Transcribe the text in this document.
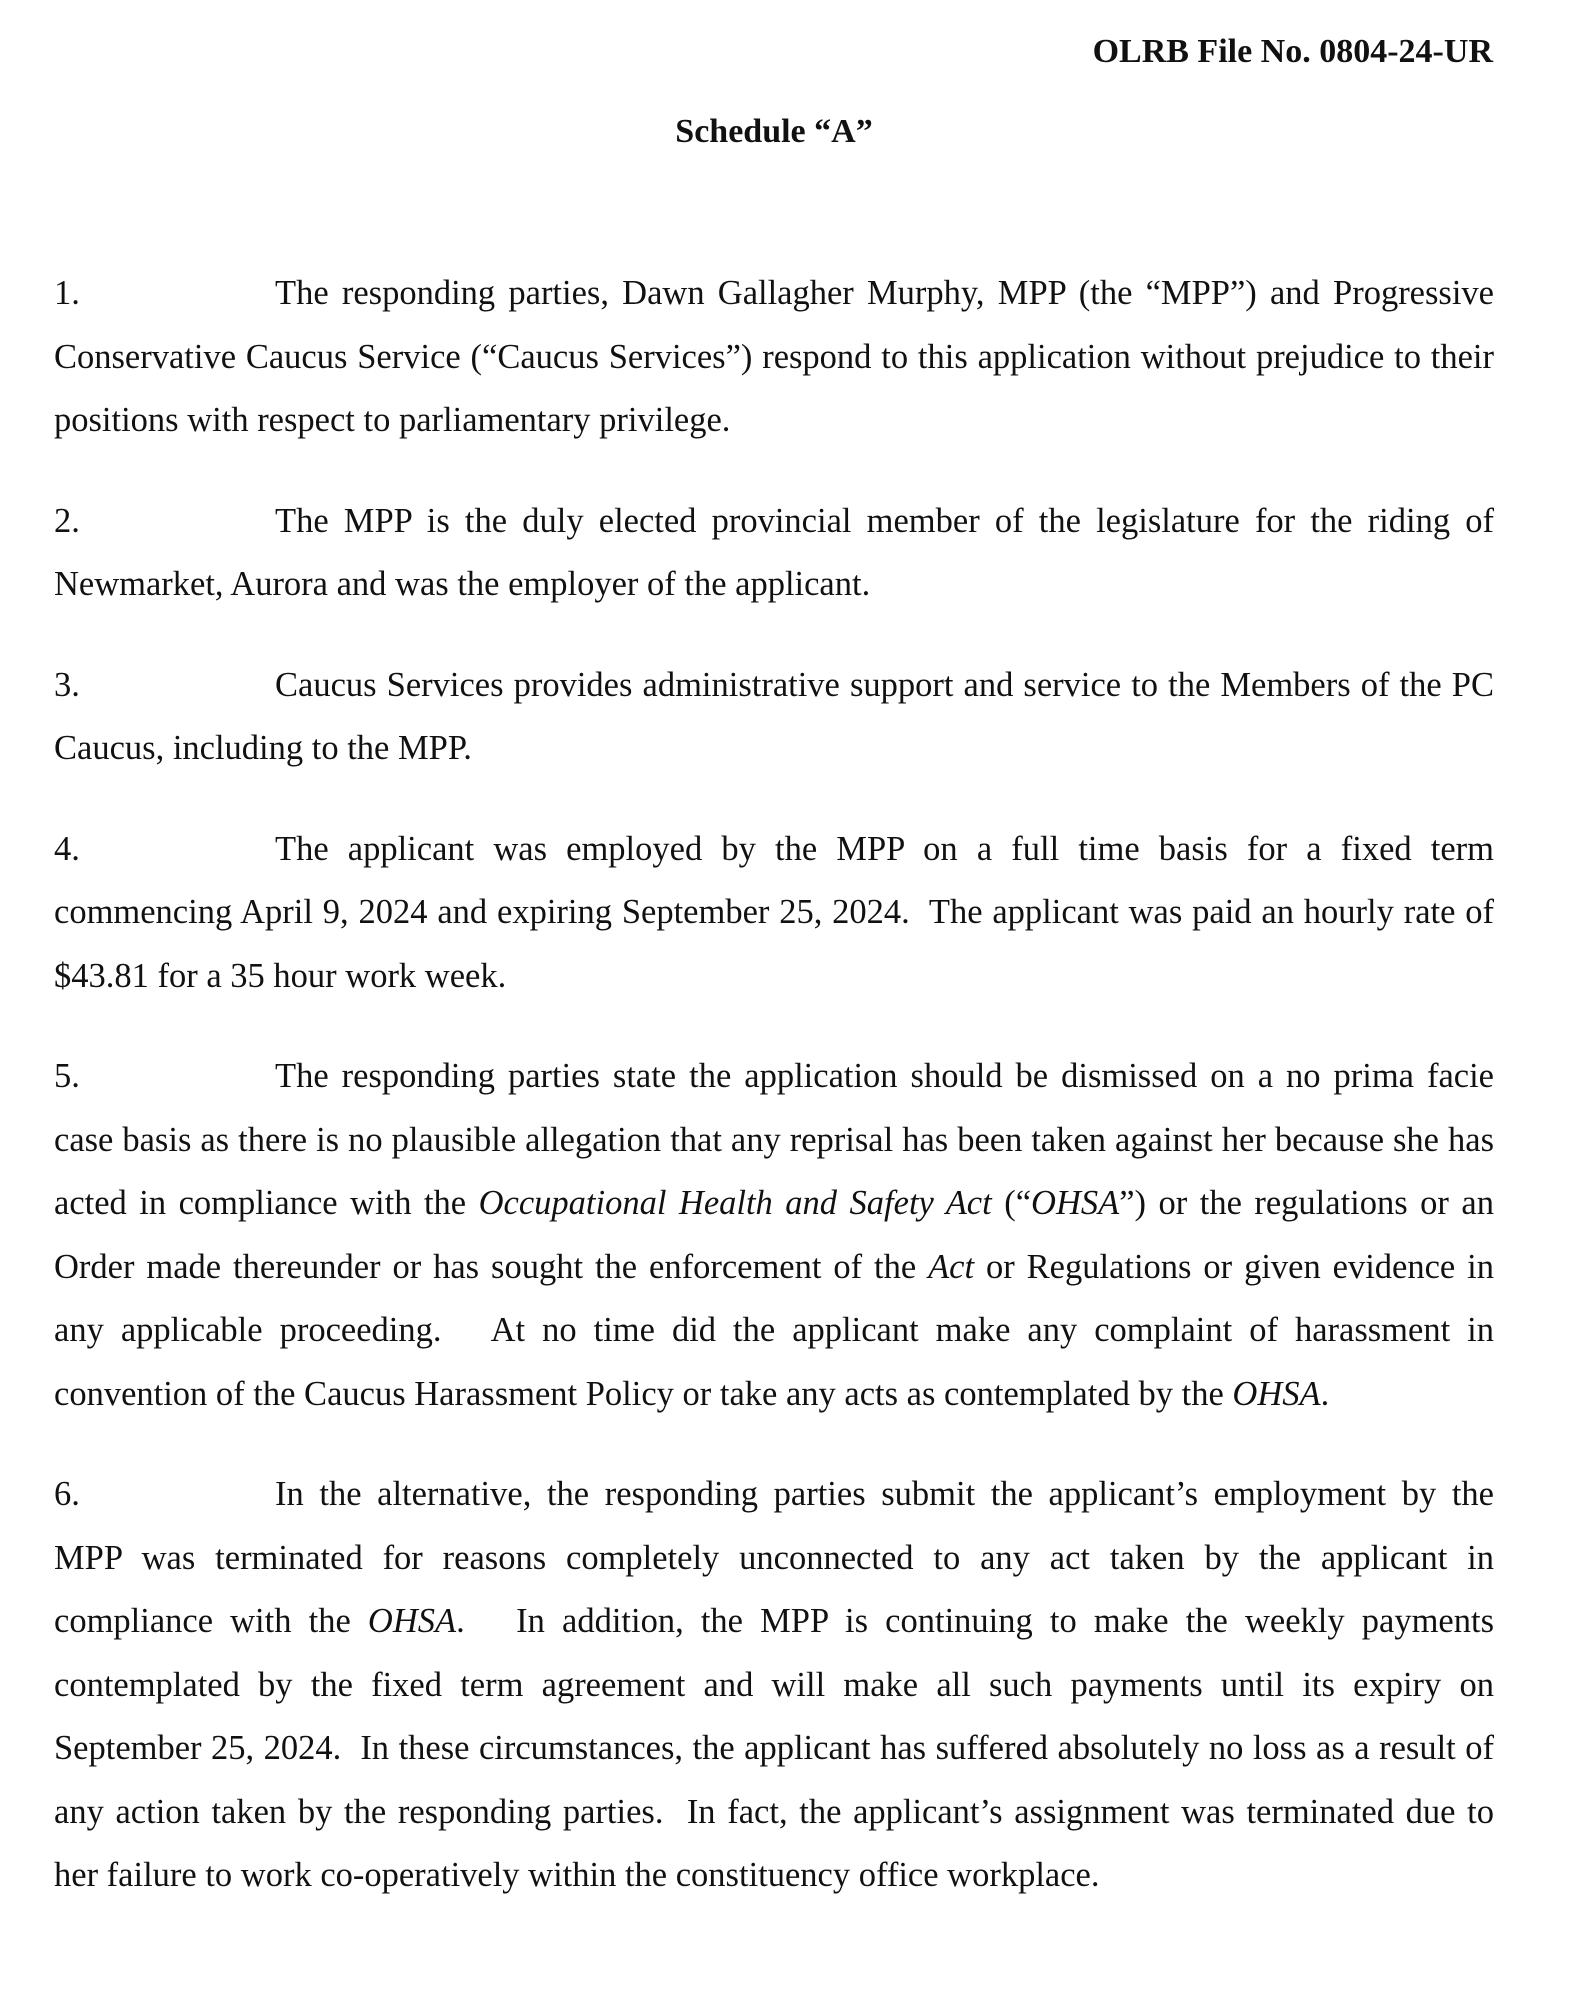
OLRB File No. 0804-24-UR
Schedule “A”

1.	The responding parties, Dawn Gallagher Murphy, MPP (the “MPP”) and Progressive Conservative Caucus Service (“Caucus Services”) respond to this application without prejudice to their positions with respect to parliamentary privilege.

2.	The MPP is the duly elected provincial member of the legislature for the riding of Newmarket, Aurora and was the employer of the applicant.

3.	Caucus Services provides administrative support and service to the Members of the PC Caucus, including to the MPP.

4.	The applicant was employed by the MPP on a full time basis for a fixed term commencing April 9, 2024 and expiring September 25, 2024.  The applicant was paid an hourly rate of $43.81 for a 35 hour work week.

5.	The responding parties state the application should be dismissed on a no prima facie case basis as there is no plausible allegation that any reprisal has been taken against her because she has acted in compliance with the Occupational Health and Safety Act (“OHSA”) or the regulations or an Order made thereunder or has sought the enforcement of the Act or Regulations or given evidence in any applicable proceeding.   At no time did the applicant make any complaint of harassment in convention of the Caucus Harassment Policy or take any acts as contemplated by the OHSA.

6.	In the alternative, the responding parties submit the applicant’s employment by the MPP was terminated for reasons completely unconnected to any act taken by the applicant in compliance with the OHSA.   In addition, the MPP is continuing to make the weekly payments contemplated by the fixed term agreement and will make all such payments until its expiry on September 25, 2024.  In these circumstances, the applicant has suffered absolutely no loss as a result of any action taken by the responding parties.  In fact, the applicant’s assignment was terminated due to her failure to work co-operatively within the constituency office workplace.
